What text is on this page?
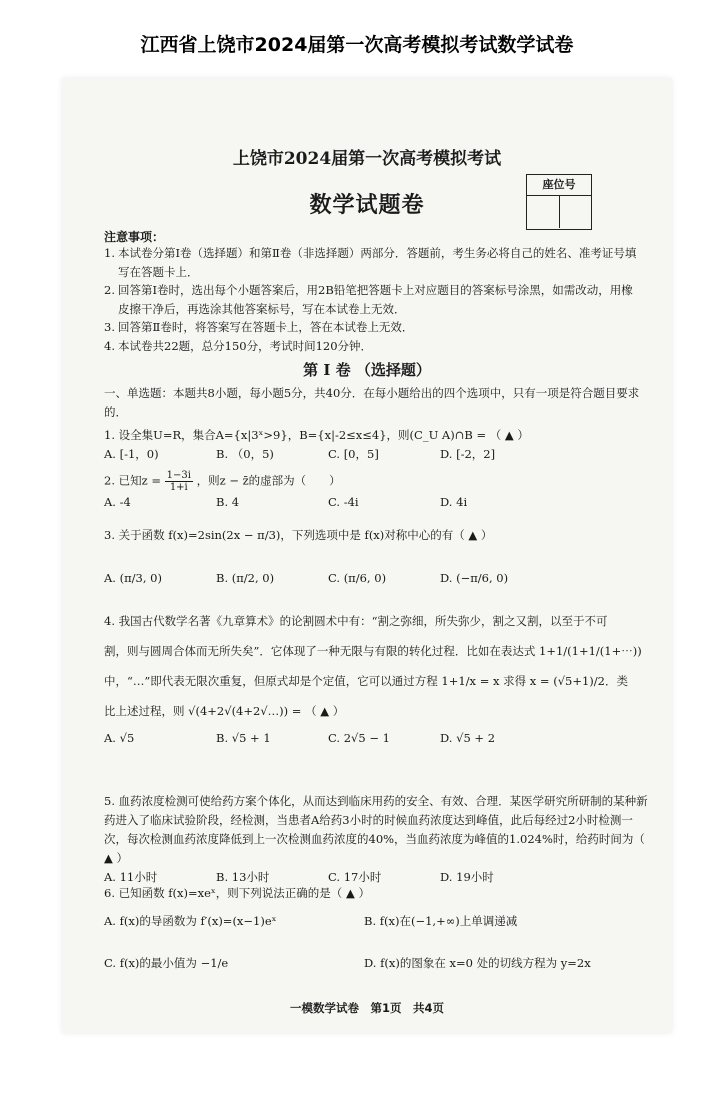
江西省上饶市2024届第一次高考模拟考试数学试卷
上饶市2024届第一次高考模拟考试
数学试题卷
座位号
注意事项：
1. 本试卷分第Ⅰ卷（选择题）和第Ⅱ卷（非选择题）两部分．答题前，考生务必将自己的姓名、准考证号填写在答题卡上．
2. 回答第Ⅰ卷时，选出每个小题答案后，用2B铅笔把答题卡上对应题目的答案标号涂黑，如需改动，用橡皮擦干净后，再选涂其他答案标号，写在本试卷上无效．
3. 回答第Ⅱ卷时，将答案写在答题卡上，答在本试卷上无效．
4. 本试卷共22题，总分150分，考试时间120分钟．
第 Ⅰ 卷 （选择题）
一、单选题：本题共8小题，每小题5分，共40分．在每小题给出的四个选项中，只有一项是符合题目要求的．
1. 设全集U=R，集合A={x|3ˣ>9}，B={x|-2≤x≤4}，则(C_U A)∩B = （ ▲ ）
A. [-1，0)	B. （0，5)	C. [0，5]	D. [-2，2]
2. 已知$z = \frac{1-3i}{1+i}$ ，则z − z̄的虚部为（　　）
A. -4	B. 4	C. -4i	D. 4i
3. 关于函数 f(x)=2sin(2x − π/3)，下列选项中是 f(x)对称中心的有（ ▲ ）
A. (π/3, 0)	B. (π/2, 0)	C. (π/6, 0)	D. (−π/6, 0)
4. 我国古代数学名著《九章算术》的论割圆术中有：“割之弥细，所失弥少，割之又割，以至于不可
割，则与圆周合体而无所失矣”．它体现了一种无限与有限的转化过程．比如在表达式 1+1/(1+1/(1+⋯))
中，“…”即代表无限次重复，但原式却是个定值，它可以通过方程 1+1/x = x 求得 x = (√5+1)/2．类
比上述过程，则 √(4+2√(4+2√…)) = （ ▲ ）
A. √5	B. √5 + 1	C. 2√5 − 1	D. √5 + 2
5. 血药浓度检测可使给药方案个体化，从而达到临床用药的安全、有效、合理．某医学研究所研制的某种新药进入了临床试验阶段，经检测，当患者A给药3小时的时候血药浓度达到峰值，此后每经过2小时检测一次，每次检测血药浓度降低到上一次检测血药浓度的40%，当血药浓度为峰值的1.024%时，给药时间为（ ▲ ）
A. 11小时	B. 13小时	C. 17小时	D. 19小时
6. 已知函数 f(x)=xeˣ，则下列说法正确的是（ ▲ ）
A. f(x)的导函数为 f′(x)=(x−1)eˣ	B. f(x)在(−1,+∞)上单调递减
C. f(x)的最小值为 −1/e	D. f(x)的图象在 x=0 处的切线方程为 y=2x
一模数学试卷　第1页　共4页
